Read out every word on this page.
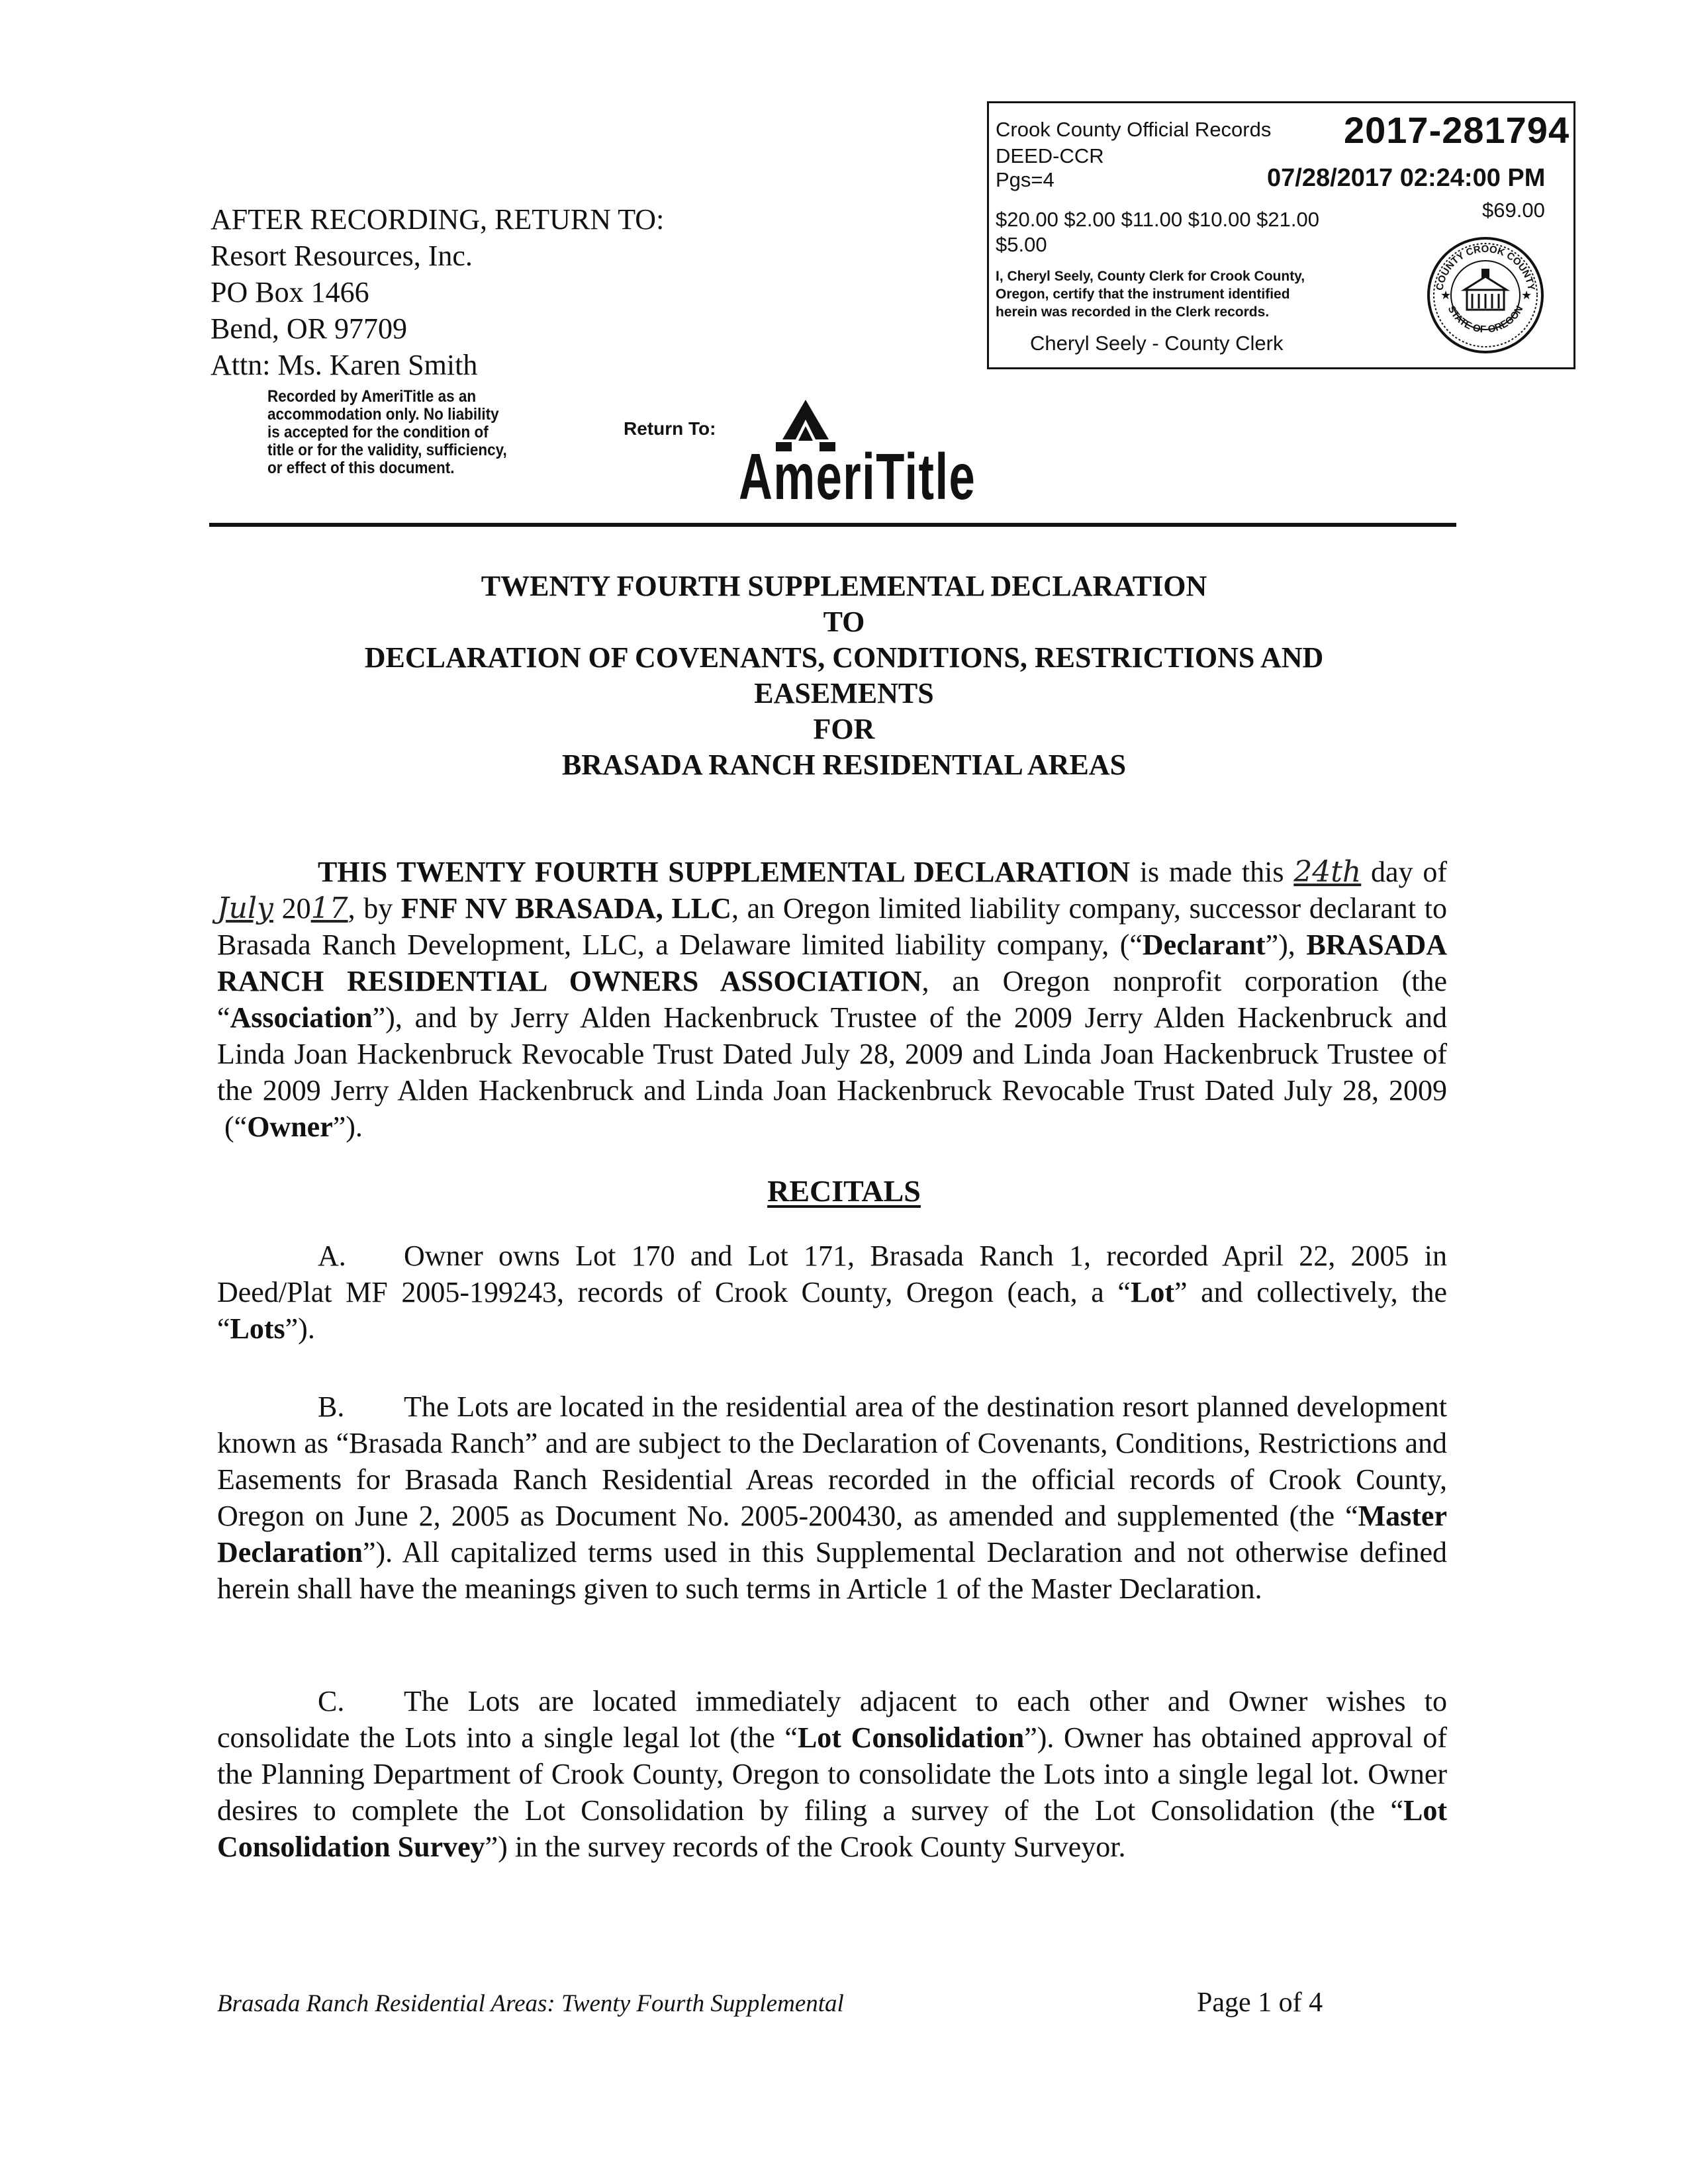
Crook County Official Records 2017-281794
DEED-CCR
Pgs=4	07/28/2017 02:24:00 PM
$20.00 $2.00 $11.00 $10.00 $21.00	$69.00
$5.00
I, Cheryl Seely, County Clerk for Crook County,
Oregon, certify that the instrument identified
herein was recorded in the Clerk records.
Cheryl Seely - County Clerk
COUNTY CROOK COUNTY
STATE OF OREGON
★	★
AFTER RECORDING, RETURN TO:
Resort Resources, Inc.
PO Box 1466
Bend, OR 97709
Attn: Ms. Karen Smith
Recorded by AmeriTitle as an
accommodation only. No liability
is accepted for the condition of
title or for the validity, sufficiency,
or effect of this document.
Return To:
AmeriTitle
TWENTY FOURTH SUPPLEMENTAL DECLARATION
TO
DECLARATION OF COVENANTS, CONDITIONS, RESTRICTIONS AND
EASEMENTS
FOR
BRASADA RANCH RESIDENTIAL AREAS
THIS TWENTY FOURTH SUPPLEMENTAL DECLARATION is made this 24th day of July 2017, by FNF NV BRASADA, LLC, an Oregon limited liability company, successor declarant to Brasada Ranch Development, LLC, a Delaware limited liability company, (“Declarant”), BRASADA RANCH RESIDENTIAL OWNERS ASSOCIATION, an Oregon nonprofit corporation (the “Association”), and by Jerry Alden Hackenbruck Trustee of the 2009 Jerry Alden Hackenbruck and Linda Joan Hackenbruck Revocable Trust Dated July 28, 2009 and Linda Joan Hackenbruck Trustee of the 2009 Jerry Alden Hackenbruck and Linda Joan Hackenbruck Revocable Trust Dated July 28, 2009  (“Owner”).
RECITALS
A. Owner owns Lot 170 and Lot 171, Brasada Ranch 1, recorded April 22, 2005 in Deed/Plat MF 2005-199243, records of Crook County, Oregon (each, a “Lot” and collectively, the “Lots”).
B. The Lots are located in the residential area of the destination resort planned development known as “Brasada Ranch” and are subject to the Declaration of Covenants, Conditions, Restrictions and Easements for Brasada Ranch Residential Areas recorded in the official records of Crook County, Oregon on June 2, 2005 as Document No. 2005-200430, as amended and supplemented (the “Master Declaration”). All capitalized terms used in this Supplemental Declaration and not otherwise defined herein shall have the meanings given to such terms in Article 1 of the Master Declaration.
C. The Lots are located immediately adjacent to each other and Owner wishes to consolidate the Lots into a single legal lot (the “Lot Consolidation”). Owner has obtained approval of the Planning Department of Crook County, Oregon to consolidate the Lots into a single legal lot. Owner desires to complete the Lot Consolidation by filing a survey of the Lot Consolidation (the “Lot Consolidation Survey”) in the survey records of the Crook County Surveyor.
Brasada Ranch Residential Areas: Twenty Fourth Supplemental	Page 1 of 4
